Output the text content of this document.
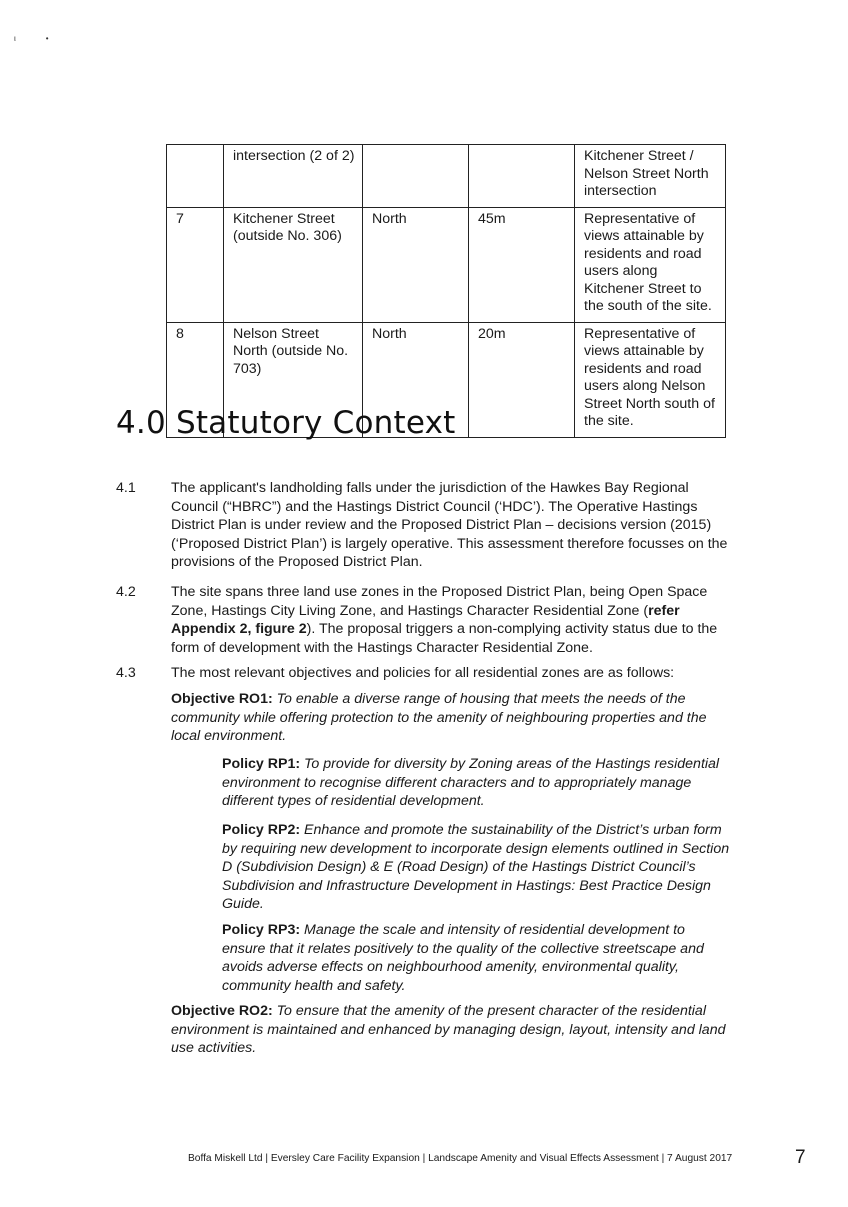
ι	•
	intersection (2 of 2)			Kitchener Street / Nelson Street North intersection
7	Kitchener Street (outside No. 306)	North	45m	Representative of views attainable by residents and road users along Kitchener Street to the south of the site.
8	Nelson Street North (outside No. 703)	North	20m	Representative of views attainable by residents and road users along Nelson Street North south of the site.
4.0 Statutory Context
4.1 The applicant's landholding falls under the jurisdiction of the Hawkes Bay Regional Council (“HBRC”) and the Hastings District Council (‘HDC’). The Operative Hastings District Plan is under review and the Proposed District Plan – decisions version (2015) (‘Proposed District Plan’) is largely operative. This assessment therefore focusses on the provisions of the Proposed District Plan.
4.2 The site spans three land use zones in the Proposed District Plan, being Open Space Zone, Hastings City Living Zone, and Hastings Character Residential Zone (refer Appendix 2, figure 2). The proposal triggers a non-complying activity status due to the form of development with the Hastings Character Residential Zone.
4.3 The most relevant objectives and policies for all residential zones are as follows:
Objective RO1: To enable a diverse range of housing that meets the needs of the community while offering protection to the amenity of neighbouring properties and the local environment.
Policy RP1: To provide for diversity by Zoning areas of the Hastings residential environment to recognise different characters and to appropriately manage different types of residential development.
Policy RP2: Enhance and promote the sustainability of the District’s urban form by requiring new development to incorporate design elements outlined in Section D (Subdivision Design) & E (Road Design) of the Hastings District Council’s Subdivision and Infrastructure Development in Hastings: Best Practice Design Guide.
Policy RP3: Manage the scale and intensity of residential development to ensure that it relates positively to the quality of the collective streetscape and avoids adverse effects on neighbourhood amenity, environmental quality, community health and safety.
Objective RO2: To ensure that the amenity of the present character of the residential environment is maintained and enhanced by managing design, layout, intensity and land use activities.
Boffa Miskell Ltd | Eversley Care Facility Expansion | Landscape Amenity and Visual Effects Assessment | 7 August 2017	7
